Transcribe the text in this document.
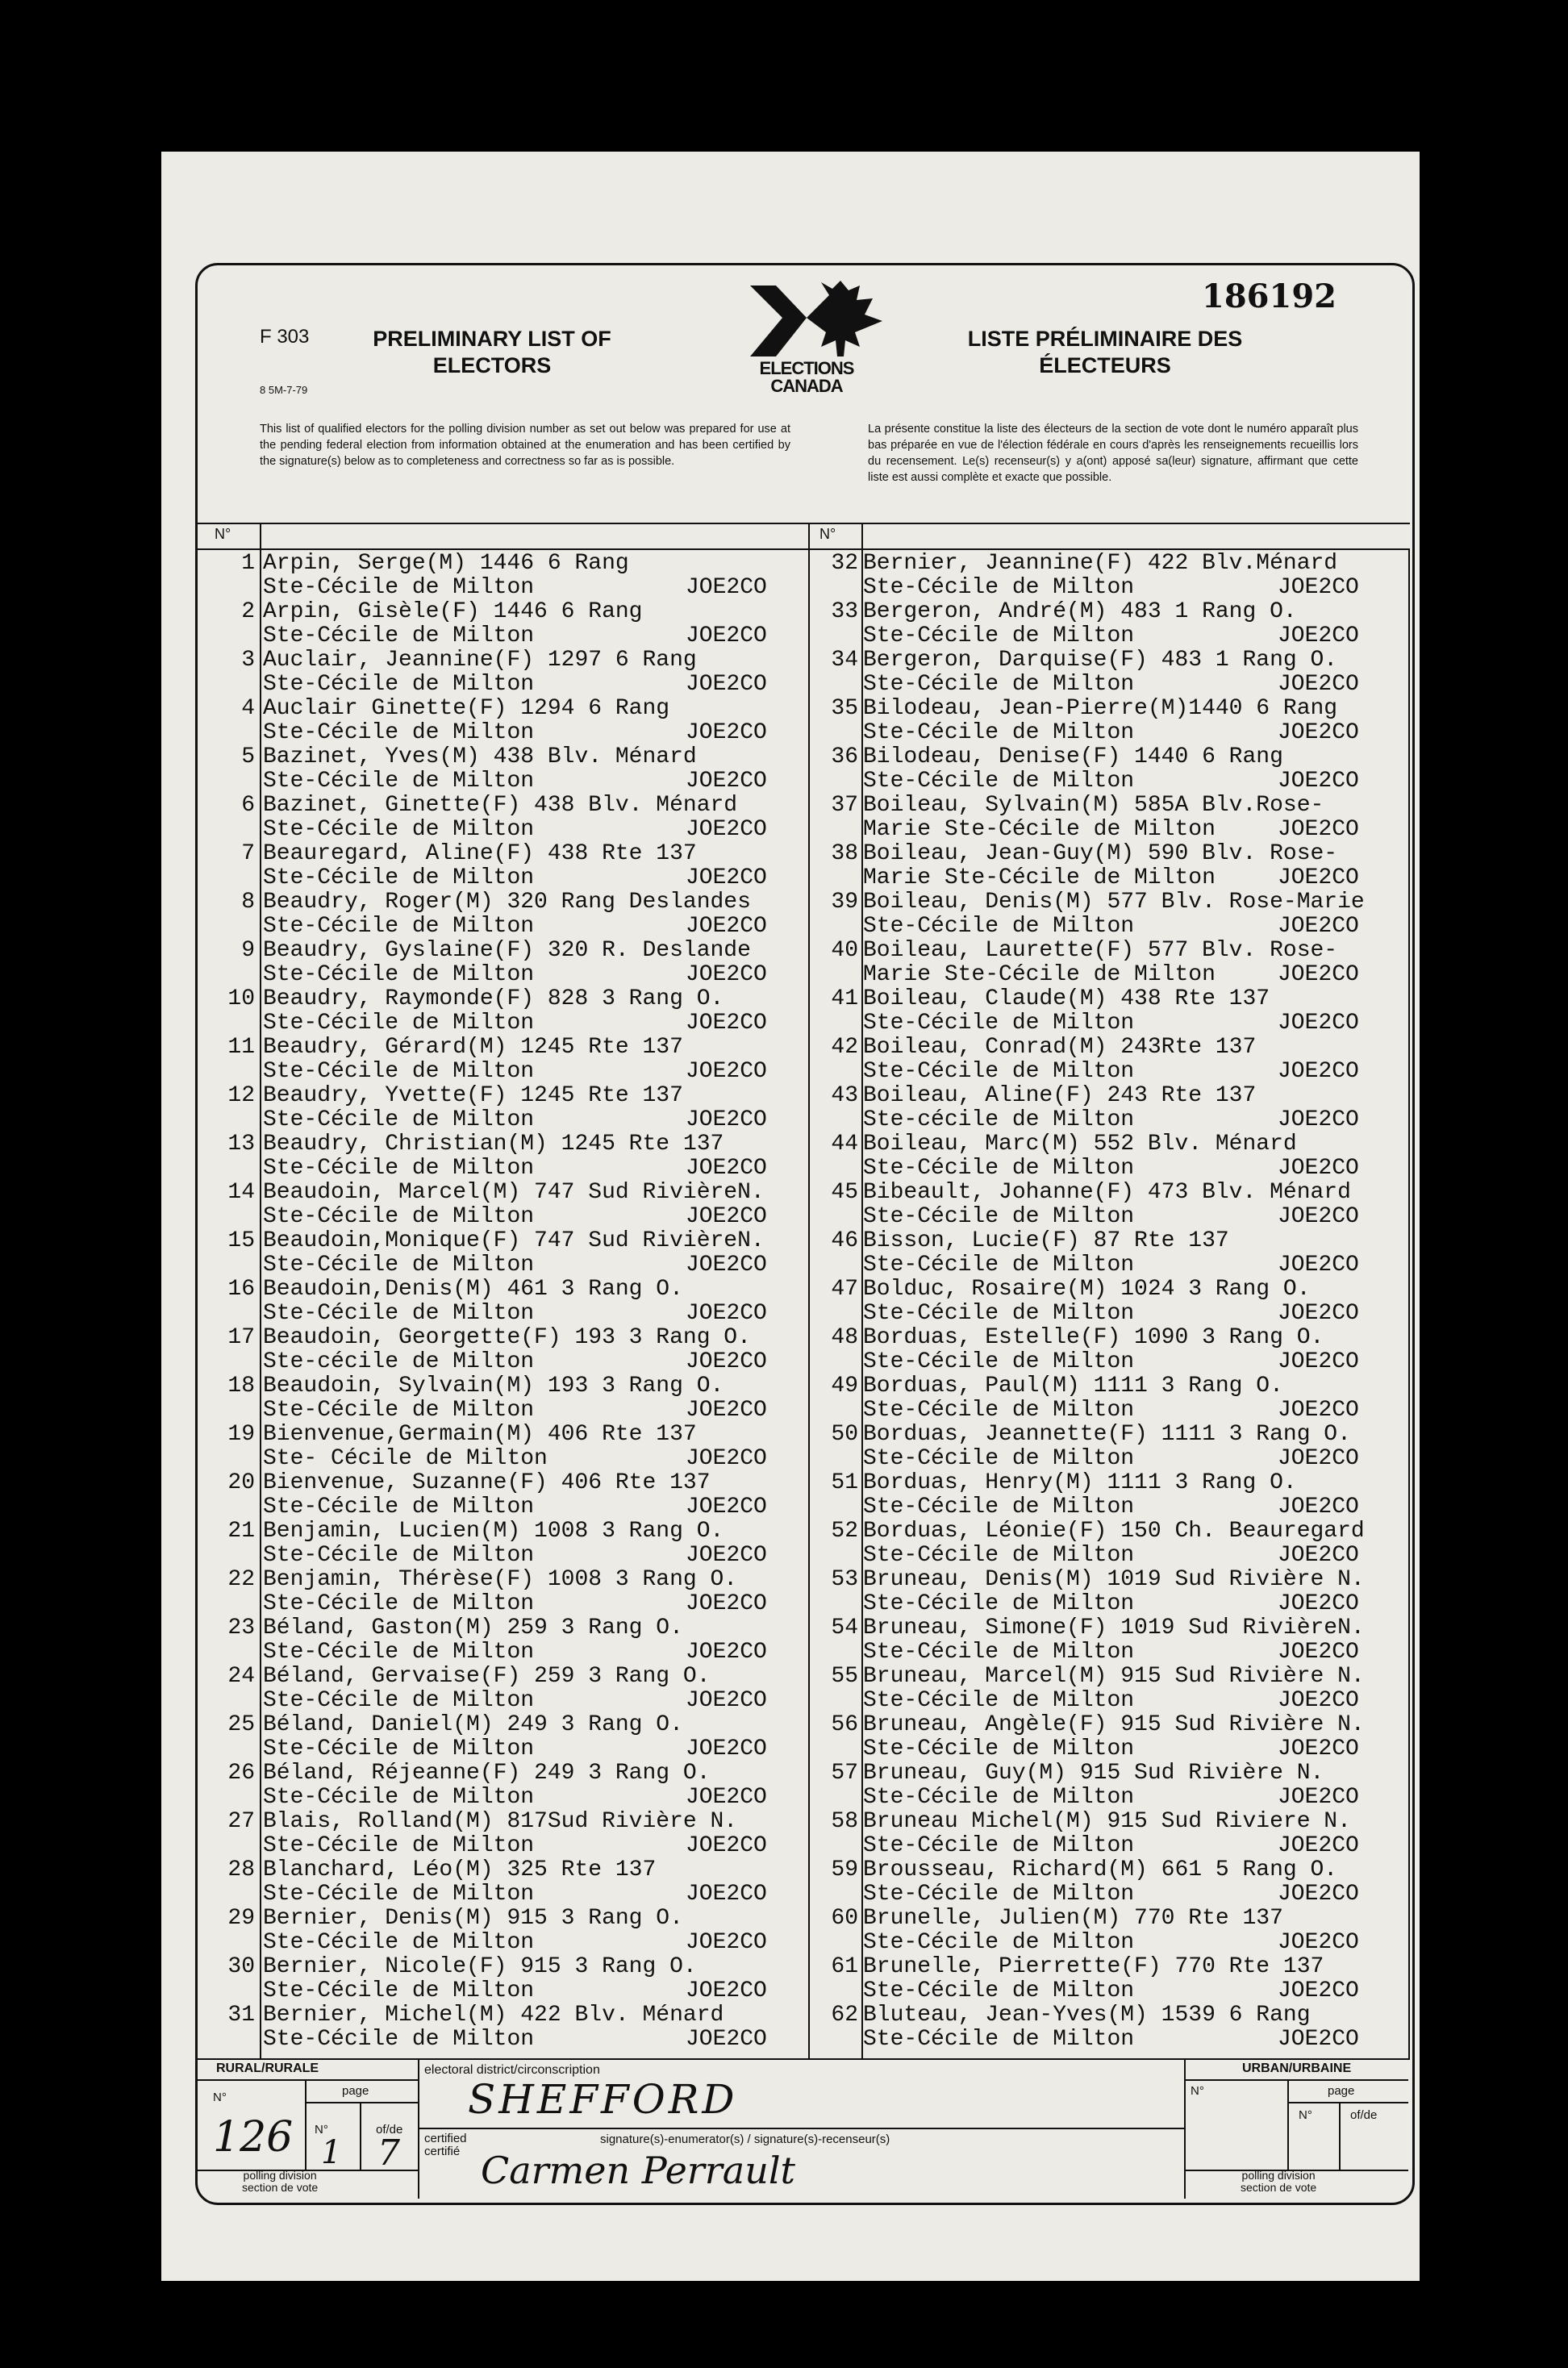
186192
F 303
8 5M-7-79
PRELIMINARY LIST OF
ELECTORS
LISTE PRÉLIMINAIRE DES
ÉLECTEURS
ELECTIONS
CANADA

This list of qualified electors for the polling division number as set out below was prepared for use at the pending federal election from information obtained at the enumeration and has been certified by the signature(s) below as to completeness and correctness so far as is possible.

La présente constitue la liste des électeurs de la section de vote dont le numéro apparaît plus bas préparée en vue de l'élection fédérale en cours d'après les renseignements recueillis lors du recensement. Le(s) recenseur(s) y a(ont) apposé sa(leur) signature, affirmant que cette liste est aussi complète et exacte que possible.

N°	N°
1 Arpin, Serge(M) 1446 6 Rang
Ste-Cécile de Milton	JOE2CO
2 Arpin, Gisèle(F) 1446 6 Rang
Ste-Cécile de Milton	JOE2CO
3 Auclair, Jeannine(F) 1297 6 Rang
Ste-Cécile de Milton	JOE2CO
4 Auclair Ginette(F) 1294 6 Rang
Ste-Cécile de Milton	JOE2CO
5 Bazinet, Yves(M) 438 Blv. Ménard
Ste-Cécile de Milton	JOE2CO
6 Bazinet, Ginette(F) 438 Blv. Ménard
Ste-Cécile de Milton	JOE2CO
7 Beauregard, Aline(F) 438 Rte 137
Ste-Cécile de Milton	JOE2CO
8 Beaudry, Roger(M) 320 Rang Deslandes
Ste-Cécile de Milton	JOE2CO
9 Beaudry, Gyslaine(F) 320 R. Deslande
Ste-Cécile de Milton	JOE2CO
10 Beaudry, Raymonde(F) 828 3 Rang O.
Ste-Cécile de Milton	JOE2CO
11 Beaudry, Gérard(M) 1245 Rte 137
Ste-Cécile de Milton	JOE2CO
12 Beaudry, Yvette(F) 1245 Rte 137
Ste-Cécile de Milton	JOE2CO
13 Beaudry, Christian(M) 1245 Rte 137
Ste-Cécile de Milton	JOE2CO
14 Beaudoin, Marcel(M) 747 Sud RivièreN.
Ste-Cécile de Milton	JOE2CO
15 Beaudoin,Monique(F) 747 Sud RivièreN.
Ste-Cécile de Milton	JOE2CO
16 Beaudoin,Denis(M) 461 3 Rang O.
Ste-Cécile de Milton	JOE2CO
17 Beaudoin, Georgette(F) 193 3 Rang O.
Ste-cécile de Milton	JOE2CO
18 Beaudoin, Sylvain(M) 193 3 Rang O.
Ste-Cécile de Milton	JOE2CO
19 Bienvenue,Germain(M) 406 Rte 137
Ste- Cécile de Milton	JOE2CO
20 Bienvenue, Suzanne(F) 406 Rte 137
Ste-Cécile de Milton	JOE2CO
21 Benjamin, Lucien(M) 1008 3 Rang O.
Ste-Cécile de Milton	JOE2CO
22 Benjamin, Thérèse(F) 1008 3 Rang O.
Ste-Cécile de Milton	JOE2CO
23 Béland, Gaston(M) 259 3 Rang O.
Ste-Cécile de Milton	JOE2CO
24 Béland, Gervaise(F) 259 3 Rang O.
Ste-Cécile de Milton	JOE2CO
25 Béland, Daniel(M) 249 3 Rang O.
Ste-Cécile de Milton	JOE2CO
26 Béland, Réjeanne(F) 249 3 Rang O.
Ste-Cécile de Milton	JOE2CO
27 Blais, Rolland(M) 817Sud Rivière N.
Ste-Cécile de Milton	JOE2CO
28 Blanchard, Léo(M) 325 Rte 137
Ste-Cécile de Milton	JOE2CO
29 Bernier, Denis(M) 915 3 Rang O.
Ste-Cécile de Milton	JOE2CO
30 Bernier, Nicole(F) 915 3 Rang O.
Ste-Cécile de Milton	JOE2CO
31 Bernier, Michel(M) 422 Blv. Ménard
Ste-Cécile de Milton	JOE2CO
32 Bernier, Jeannine(F) 422 Blv.Ménard
Ste-Cécile de Milton	JOE2CO
33 Bergeron, André(M) 483 1 Rang O.
Ste-Cécile de Milton	JOE2CO
34 Bergeron, Darquise(F) 483 1 Rang O.
Ste-Cécile de Milton	JOE2CO
35 Bilodeau, Jean-Pierre(M)1440 6 Rang
Ste-Cécile de Milton	JOE2CO
36 Bilodeau, Denise(F) 1440 6 Rang
Ste-Cécile de Milton	JOE2CO
37 Boileau, Sylvain(M) 585A Blv.Rose-
Marie Ste-Cécile de Milton	JOE2CO
38 Boileau, Jean-Guy(M) 590 Blv. Rose-
Marie Ste-Cécile de Milton	JOE2CO
39 Boileau, Denis(M) 577 Blv. Rose-Marie
Ste-Cécile de Milton	JOE2CO
40 Boileau, Laurette(F) 577 Blv. Rose-
Marie Ste-Cécile de Milton	JOE2CO
41 Boileau, Claude(M) 438 Rte 137
Ste-Cécile de Milton	JOE2CO
42 Boileau, Conrad(M) 243Rte 137
Ste-Cécile de Milton	JOE2CO
43 Boileau, Aline(F) 243 Rte 137
Ste-cécile de Milton	JOE2CO
44 Boileau, Marc(M) 552 Blv. Ménard
Ste-Cécile de Milton	JOE2CO
45 Bibeault, Johanne(F) 473 Blv. Ménard
Ste-Cécile de Milton	JOE2CO
46 Bisson, Lucie(F) 87 Rte 137
Ste-Cécile de Milton	JOE2CO
47 Bolduc, Rosaire(M) 1024 3 Rang O.
Ste-Cécile de Milton	JOE2CO
48 Borduas, Estelle(F) 1090 3 Rang O.
Ste-Cécile de Milton	JOE2CO
49 Borduas, Paul(M) 1111 3 Rang O.
Ste-Cécile de Milton	JOE2CO
50 Borduas, Jeannette(F) 1111 3 Rang O.
Ste-Cécile de Milton	JOE2CO
51 Borduas, Henry(M) 1111 3 Rang O.
Ste-Cécile de Milton	JOE2CO
52 Borduas, Léonie(F) 150 Ch. Beauregard
Ste-Cécile de Milton	JOE2CO
53 Bruneau, Denis(M) 1019 Sud Rivière N.
Ste-Cécile de Milton	JOE2CO
54 Bruneau, Simone(F) 1019 Sud RivièreN.
Ste-Cécile de Milton	JOE2CO
55 Bruneau, Marcel(M) 915 Sud Rivière N.
Ste-Cécile de Milton	JOE2CO
56 Bruneau, Angèle(F) 915 Sud Rivière N.
Ste-Cécile de Milton	JOE2CO
57 Bruneau, Guy(M) 915 Sud Rivière N.
Ste-Cécile de Milton	JOE2CO
58 Bruneau Michel(M) 915 Sud Riviere N.
Ste-Cécile de Milton	JOE2CO
59 Brousseau, Richard(M) 661 5 Rang O.
Ste-Cécile de Milton	JOE2CO
60 Brunelle, Julien(M) 770 Rte 137
Ste-Cécile de Milton	JOE2CO
61 Brunelle, Pierrette(F) 770 Rte 137
Ste-Cécile de Milton	JOE2CO
62 Bluteau, Jean-Yves(M) 1539 6 Rang
Ste-Cécile de Milton	JOE2CO
RURAL/RURALE
N°	page
N°	of/de
polling division
section de vote
126 1 7
electoral district/circonscription
SHEFFORD
certified
certifié
signature(s)-enumerator(s) / signature(s)-recenseur(s)
Carmen Perrault
URBAN/URBAINE
N°	page
N°	of/de
polling division
section de vote
